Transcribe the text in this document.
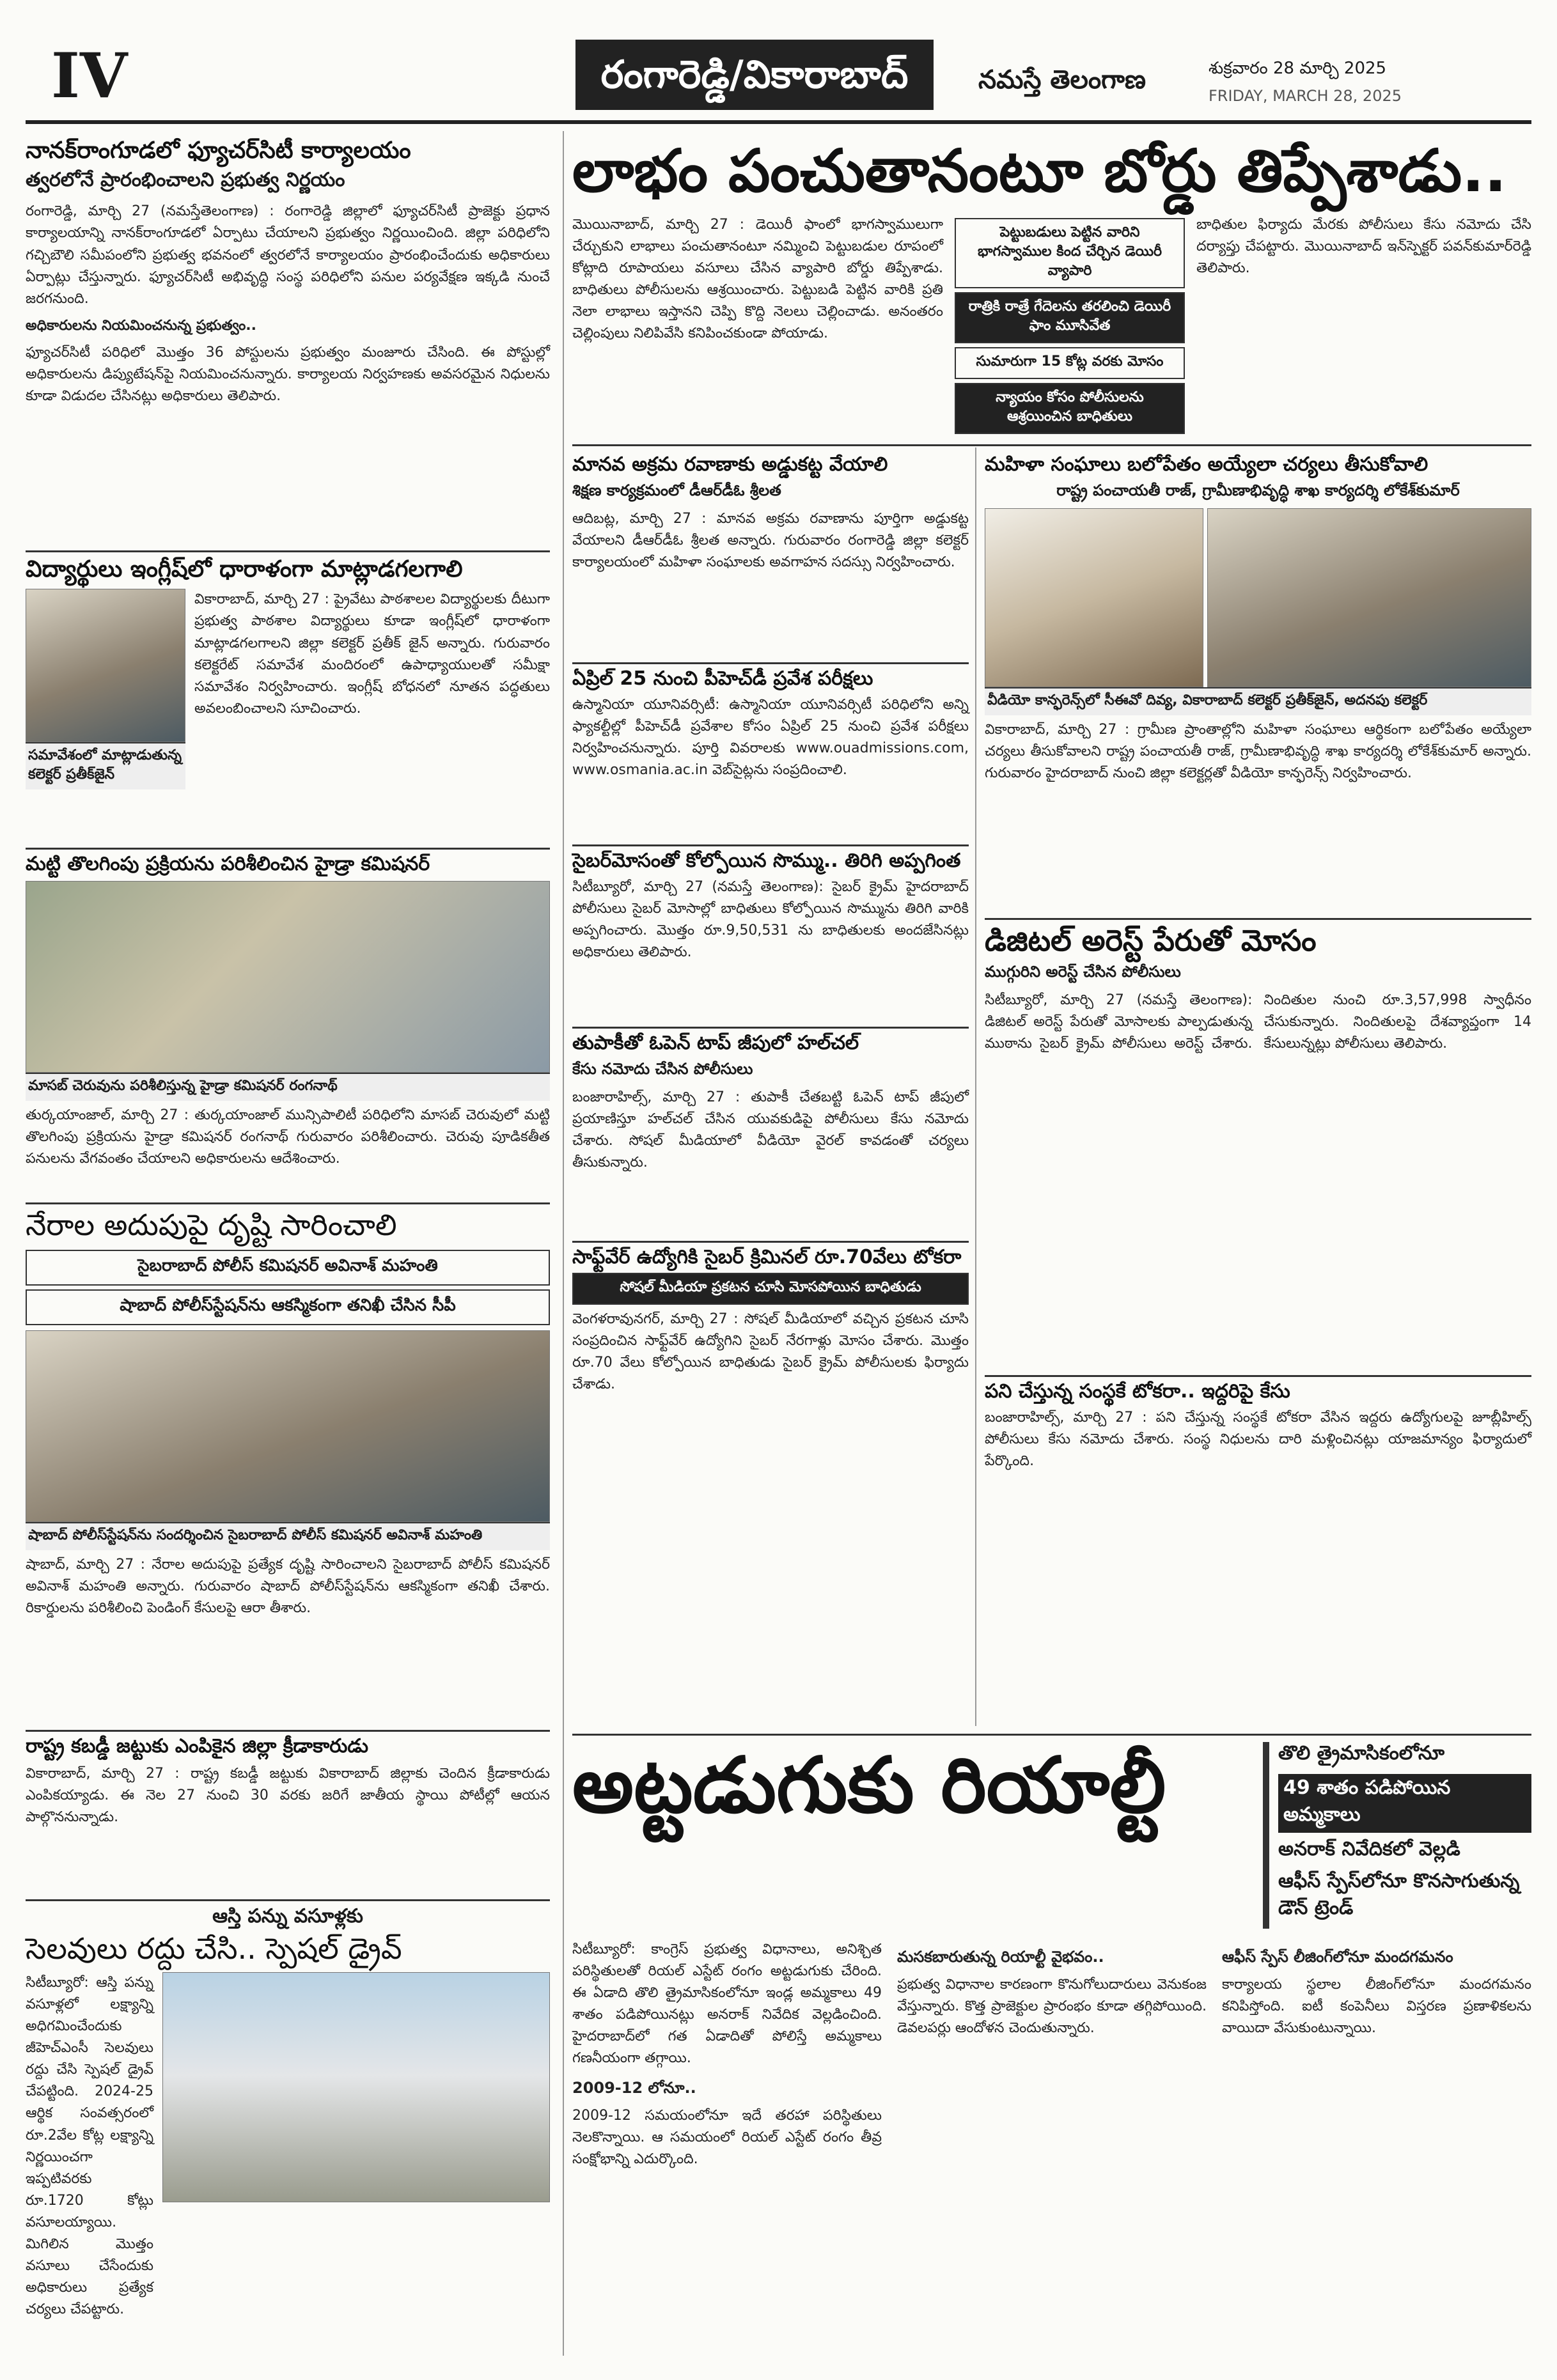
IV	రంగారెడ్డి/వికారాబాద్	నమస్తే తెలంగాణ	శుక్రవారం 28 మార్చి 2025
FRIDAY, MARCH 28, 2025
నానక్‌రాంగూడలో ఫ్యూచర్‌సిటీ కార్యాలయం
త్వరలోనే ప్రారంభించాలని ప్రభుత్వ నిర్ణయం

రంగారెడ్డి, మార్చి 27 (నమస్తేతెలంగాణ) : రంగారెడ్డి జిల్లాలో ఫ్యూచర్‌సిటీ ప్రాజెక్టు ప్రధాన కార్యాలయాన్ని నానక్‌రాంగూడలో ఏర్పాటు చేయాలని ప్రభుత్వం నిర్ణయించింది. జిల్లా పరిధిలోని గచ్చిబౌలి సమీపంలోని ప్రభుత్వ భవనంలో త్వరలోనే కార్యాలయం ప్రారంభించేందుకు అధికారులు ఏర్పాట్లు చేస్తున్నారు. ఫ్యూచర్‌సిటీ అభివృద్ధి సంస్థ పరిధిలోని పనుల పర్యవేక్షణ ఇక్కడి నుంచే జరగనుంది.

అధికారులను నియమించనున్న ప్రభుత్వం..

ఫ్యూచర్‌సిటీ పరిధిలో మొత్తం 36 పోస్టులను ప్రభుత్వం మంజూరు చేసింది. ఈ పోస్టుల్లో అధికారులను డిప్యుటేషన్‌పై నియమించనున్నారు. కార్యాలయ నిర్వహణకు అవసరమైన నిధులను కూడా విడుదల చేసినట్లు అధికారులు తెలిపారు.

విద్యార్థులు ఇంగ్లీష్‌లో ధారాళంగా మాట్లాడగలగాలి
సమావేశంలో మాట్లాడుతున్న కలెక్టర్ ప్రతీక్‌జైన్
వికారాబాద్, మార్చి 27 : ప్రైవేటు పాఠశాలల విద్యార్థులకు దీటుగా ప్రభుత్వ పాఠశాల విద్యార్థులు కూడా ఇంగ్లీష్‌లో ధారాళంగా మాట్లాడగలగాలని జిల్లా కలెక్టర్ ప్రతీక్ జైన్ అన్నారు. గురువారం కలెక్టరేట్ సమావేశ మందిరంలో ఉపాధ్యాయులతో సమీక్షా సమావేశం నిర్వహించారు. ఇంగ్లీష్ బోధనలో నూతన పద్ధతులు అవలంబించాలని సూచించారు.
మట్టి తొలగింపు ప్రక్రియను పరిశీలించిన హైడ్రా కమిషనర్
మాసబ్ చెరువును పరిశీలిస్తున్న హైడ్రా కమిషనర్ రంగనాథ్
తుర్కయాంజాల్, మార్చి 27 : తుర్కయాంజాల్ మున్సిపాలిటీ పరిధిలోని మాసబ్ చెరువులో మట్టి తొలగింపు ప్రక్రియను హైడ్రా కమిషనర్ రంగనాథ్ గురువారం పరిశీలించారు. చెరువు పూడికతీత పనులను వేగవంతం చేయాలని అధికారులను ఆదేశించారు.
నేరాల అదుపుపై దృష్టి సారించాలి
సైబరాబాద్ పోలీస్ కమిషనర్ అవినాశ్ మహంతి
షాబాద్ పోలీస్‌స్టేషన్‌ను ఆకస్మికంగా తనిఖీ చేసిన సీపీ
షాబాద్ పోలీస్‌స్టేషన్‌ను సందర్శించిన సైబరాబాద్ పోలీస్ కమిషనర్ అవినాశ్ మహంతి
షాబాద్, మార్చి 27 : నేరాల అదుపుపై ప్రత్యేక దృష్టి సారించాలని సైబరాబాద్ పోలీస్ కమిషనర్ అవినాశ్ మహంతి అన్నారు. గురువారం షాబాద్ పోలీస్‌స్టేషన్‌ను ఆకస్మికంగా తనిఖీ చేశారు. రికార్డులను పరిశీలించి పెండింగ్ కేసులపై ఆరా తీశారు.
రాష్ట్ర కబడ్డీ జట్టుకు ఎంపికైన జిల్లా క్రీడాకారుడు
వికారాబాద్, మార్చి 27 : రాష్ట్ర కబడ్డీ జట్టుకు వికారాబాద్ జిల్లాకు చెందిన క్రీడాకారుడు ఎంపికయ్యాడు. ఈ నెల 27 నుంచి 30 వరకు జరిగే జాతీయ స్థాయి పోటీల్లో ఆయన పాల్గొననున్నాడు.
ఆస్తి పన్ను వసూళ్లకు
సెలవులు రద్దు చేసి.. స్పెషల్ డ్రైవ్
సిటీబ్యూరో: ఆస్తి పన్ను వసూళ్లలో లక్ష్యాన్ని అధిగమించేందుకు జీహెచ్‌ఎంసీ సెలవులు రద్దు చేసి స్పెషల్ డ్రైవ్ చేపట్టింది. 2024-25 ఆర్థిక సంవత్సరంలో రూ.2వేల కోట్ల లక్ష్యాన్ని నిర్ణయించగా ఇప్పటివరకు రూ.1720 కోట్లు వసూలయ్యాయి. మిగిలిన మొత్తం వసూలు చేసేందుకు అధికారులు ప్రత్యేక చర్యలు చేపట్టారు.
లాభం పంచుతానంటూ బోర్డు తిప్పేశాడు..
మొయినాబాద్, మార్చి 27 : డెయిరీ ఫాంలో భాగస్వాములుగా చేర్చుకుని లాభాలు పంచుతానంటూ నమ్మించి పెట్టుబడుల రూపంలో కోట్లాది రూపాయలు వసూలు చేసిన వ్యాపారి బోర్డు తిప్పేశాడు. బాధితులు పోలీసులను ఆశ్రయించారు. పెట్టుబడి పెట్టిన వారికి ప్రతి నెలా లాభాలు ఇస్తానని చెప్పి కొద్ది నెలలు చెల్లించాడు. అనంతరం చెల్లింపులు నిలిపివేసి కనిపించకుండా పోయాడు.
పెట్టుబడులు పెట్టిన వారిని భాగస్వాముల కింద చేర్చిన డెయిరీ వ్యాపారి
రాత్రికి రాత్రే గేదెలను తరలించి డెయిరీ ఫాం మూసివేత
సుమారుగా 15 కోట్ల వరకు మోసం
న్యాయం కోసం పోలీసులను ఆశ్రయించిన బాధితులు
బాధితుల ఫిర్యాదు మేరకు పోలీసులు కేసు నమోదు చేసి దర్యాప్తు చేపట్టారు. మొయినాబాద్ ఇన్‌స్పెక్టర్ పవన్‌కుమార్‌రెడ్డి తెలిపారు.
మానవ అక్రమ రవాణాకు అడ్డుకట్ట వేయాలి
శిక్షణ కార్యక్రమంలో డీఆర్‌డీఓ శ్రీలత
ఆదిబట్ల, మార్చి 27 : మానవ అక్రమ రవాణాను పూర్తిగా అడ్డుకట్ట వేయాలని డీఆర్‌డీఓ శ్రీలత అన్నారు. గురువారం రంగారెడ్డి జిల్లా కలెక్టర్ కార్యాలయంలో మహిళా సంఘాలకు అవగాహన సదస్సు నిర్వహించారు.
ఏప్రిల్ 25 నుంచి పీహెచ్‌డీ ప్రవేశ పరీక్షలు
ఉస్మానియా యూనివర్సిటీ: ఉస్మానియా యూనివర్సిటీ పరిధిలోని అన్ని ఫ్యాకల్టీల్లో పీహెచ్‌డీ ప్రవేశాల కోసం ఏప్రిల్ 25 నుంచి ప్రవేశ పరీక్షలు నిర్వహించనున్నారు. పూర్తి వివరాలకు www.ouadmissions.com, www.osmania.ac.in వెబ్‌సైట్లను సంప్రదించాలి.
సైబర్‌మోసంతో కోల్పోయిన సొమ్ము.. తిరిగి అప్పగింత
సిటీబ్యూరో, మార్చి 27 (నమస్తే తెలంగాణ): సైబర్ క్రైమ్ హైదరాబాద్ పోలీసులు సైబర్ మోసాల్లో బాధితులు కోల్పోయిన సొమ్మును తిరిగి వారికి అప్పగించారు. మొత్తం రూ.9,50,531 ను బాధితులకు అందజేసినట్లు అధికారులు తెలిపారు.
తుపాకీతో ఓపెన్ టాప్ జీపులో హల్‌చల్
కేసు నమోదు చేసిన పోలీసులు
బంజారాహిల్స్, మార్చి 27 : తుపాకీ చేతబట్టి ఓపెన్ టాప్ జీపులో ప్రయాణిస్తూ హల్‌చల్ చేసిన యువకుడిపై పోలీసులు కేసు నమోదు చేశారు. సోషల్ మీడియాలో వీడియో వైరల్ కావడంతో చర్యలు తీసుకున్నారు.
సాఫ్ట్‌వేర్ ఉద్యోగికి సైబర్ క్రిమినల్ రూ.70వేలు టోకరా
సోషల్ మీడియా ప్రకటన చూసి మోసపోయిన బాధితుడు
వెంగళరావునగర్, మార్చి 27 : సోషల్ మీడియాలో వచ్చిన ప్రకటన చూసి సంప్రదించిన సాఫ్ట్‌వేర్ ఉద్యోగిని సైబర్ నేరగాళ్లు మోసం చేశారు. మొత్తం రూ.70 వేలు కోల్పోయిన బాధితుడు సైబర్ క్రైమ్ పోలీసులకు ఫిర్యాదు చేశాడు.
మహిళా సంఘాలు బలోపేతం అయ్యేలా చర్యలు తీసుకోవాలి
రాష్ట్ర పంచాయతీ రాజ్, గ్రామీణాభివృద్ధి శాఖ కార్యదర్శి లోకేశ్‌కుమార్
వీడియో కాన్ఫరెన్స్‌లో సీఈవో దివ్య, వికారాబాద్ కలెక్టర్ ప్రతీక్‌జైన్, అదనపు కలెక్టర్
వికారాబాద్, మార్చి 27 : గ్రామీణ ప్రాంతాల్లోని మహిళా సంఘాలు ఆర్థికంగా బలోపేతం అయ్యేలా చర్యలు తీసుకోవాలని రాష్ట్ర పంచాయతీ రాజ్, గ్రామీణాభివృద్ధి శాఖ కార్యదర్శి లోకేశ్‌కుమార్ అన్నారు. గురువారం హైదరాబాద్ నుంచి జిల్లా కలెక్టర్లతో వీడియో కాన్ఫరెన్స్ నిర్వహించారు.
డిజిటల్ అరెస్ట్ పేరుతో మోసం
ముగ్గురిని అరెస్ట్ చేసిన పోలీసులు
సిటీబ్యూరో, మార్చి 27 (నమస్తే తెలంగాణ): డిజిటల్ అరెస్ట్ పేరుతో మోసాలకు పాల్పడుతున్న ముఠాను సైబర్ క్రైమ్ పోలీసులు అరెస్ట్ చేశారు. నిందితుల నుంచి రూ.3,57,998 స్వాధీనం చేసుకున్నారు. నిందితులపై దేశవ్యాప్తంగా 14 కేసులున్నట్లు పోలీసులు తెలిపారు.
పని చేస్తున్న సంస్థకే టోకరా.. ఇద్దరిపై కేసు
బంజారాహిల్స్, మార్చి 27 : పని చేస్తున్న సంస్థకే టోకరా వేసిన ఇద్దరు ఉద్యోగులపై జూబ్లీహిల్స్ పోలీసులు కేసు నమోదు చేశారు. సంస్థ నిధులను దారి మళ్లించినట్లు యాజమాన్యం ఫిర్యాదులో పేర్కొంది.
అట్టడుగుకు రియాల్టీ	తొలి త్రైమాసికంలోనూ
49 శాతం పడిపోయిన అమ్మకాలు
అనరాక్ నివేదికలో వెల్లడి
ఆఫీస్ స్పేస్‌లోనూ కొనసాగుతున్న డౌన్ ట్రెండ్

సిటీబ్యూరో: కాంగ్రెస్ ప్రభుత్వ విధానాలు, అనిశ్చిత పరిస్థితులతో రియల్ ఎస్టేట్ రంగం అట్టడుగుకు చేరింది. ఈ ఏడాది తొలి త్రైమాసికంలోనూ ఇండ్ల అమ్మకాలు 49 శాతం పడిపోయినట్లు అనరాక్ నివేదిక వెల్లడించింది. హైదరాబాద్‌లో గత ఏడాదితో పోలిస్తే అమ్మకాలు గణనీయంగా తగ్గాయి.

2009-12 లోనూ..

2009-12 సమయంలోనూ ఇదే తరహా పరిస్థితులు నెలకొన్నాయి. ఆ సమయంలో రియల్ ఎస్టేట్ రంగం తీవ్ర సంక్షోభాన్ని ఎదుర్కొంది.

మసకబారుతున్న రియాల్టీ వైభవం..

ప్రభుత్వ విధానాల కారణంగా కొనుగోలుదారులు వెనుకంజ వేస్తున్నారు. కొత్త ప్రాజెక్టుల ప్రారంభం కూడా తగ్గిపోయింది. డెవలపర్లు ఆందోళన చెందుతున్నారు.

ఆఫీస్ స్పేస్ లీజింగ్‌లోనూ మందగమనం

కార్యాలయ స్థలాల లీజింగ్‌లోనూ మందగమనం కనిపిస్తోంది. ఐటీ కంపెనీలు విస్తరణ ప్రణాళికలను వాయిదా వేసుకుంటున్నాయి.
